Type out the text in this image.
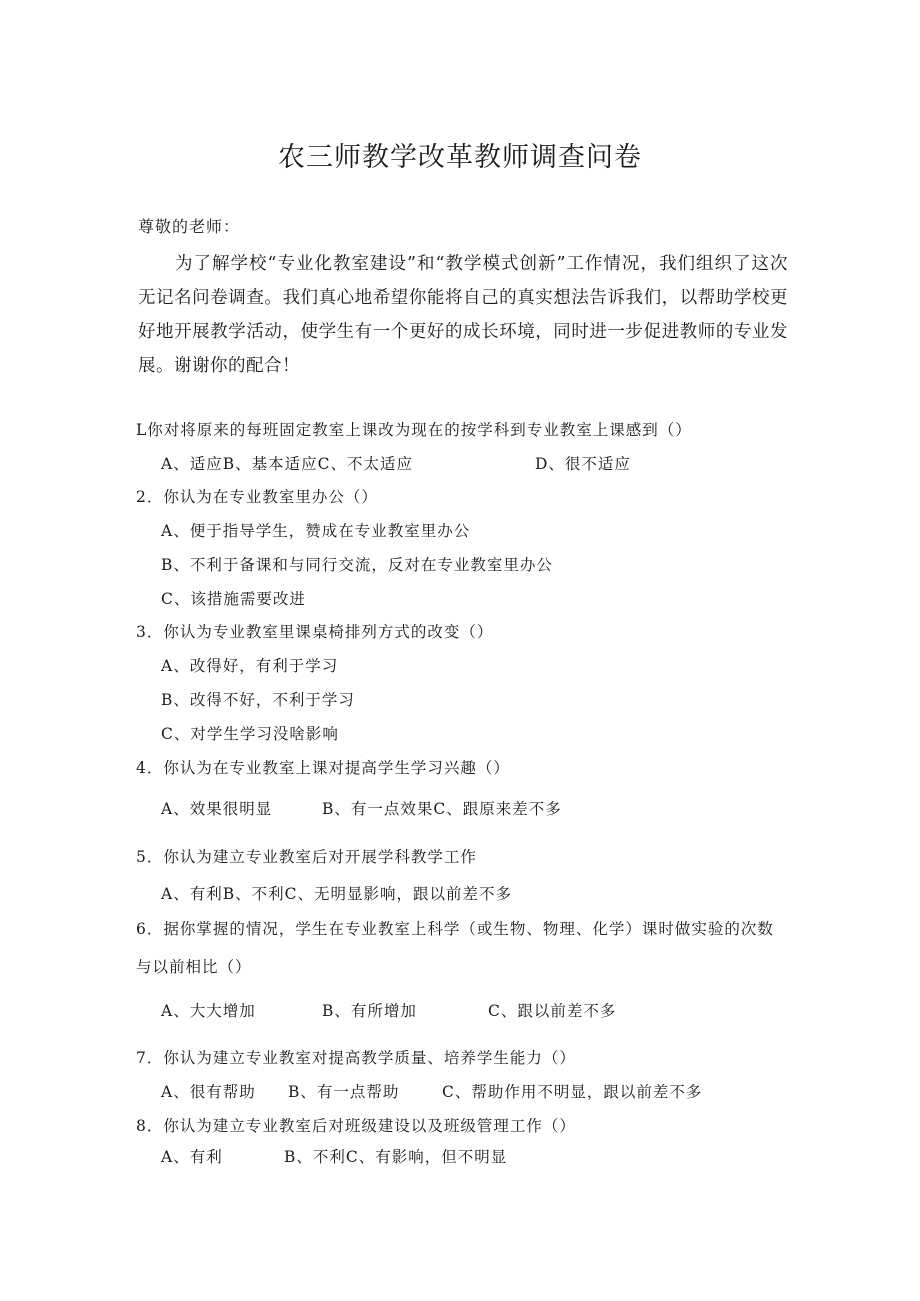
农三师教学改革教师调查问卷
尊敬的老师：
为了解学校“专业化教室建设”和“教学模式创新”工作情况，我们组织了这次无记名问卷调查。我们真心地希望你能将自己的真实想法告诉我们，以帮助学校更好地开展教学活动，使学生有一个更好的成长环境，同时进一步促进教师的专业发展。谢谢你的配合！
L你对将原来的每班固定教室上课改为现在的按学科到专业教室上课感到（）
A、适应B、基本适应C、不太适应	D、很不适应
2．你认为在专业教室里办公（）
A、便于指导学生，赞成在专业教室里办公
B、不利于备课和与同行交流，反对在专业教室里办公
C、该措施需要改进
3．你认为专业教室里课桌椅排列方式的改变（）
A、改得好，有利于学习
B、改得不好，不利于学习
C、对学生学习没啥影响
4．你认为在专业教室上课对提高学生学习兴趣（）
A、效果很明显	B、有一点效果C、跟原来差不多
5．你认为建立专业教室后对开展学科教学工作
A、有利B、不利C、无明显影响，跟以前差不多
6．据你掌握的情况，学生在专业教室上科学（或生物、物理、化学）课时做实验的次数与以前相比（）
A、大大增加	B、有所增加	C、跟以前差不多
7．你认为建立专业教室对提高教学质量、培养学生能力（）
A、很有帮助 B、有一点帮助	C、帮助作用不明显，跟以前差不多
8．你认为建立专业教室后对班级建设以及班级管理工作（）
A、有利	B、不利C、有影响，但不明显
